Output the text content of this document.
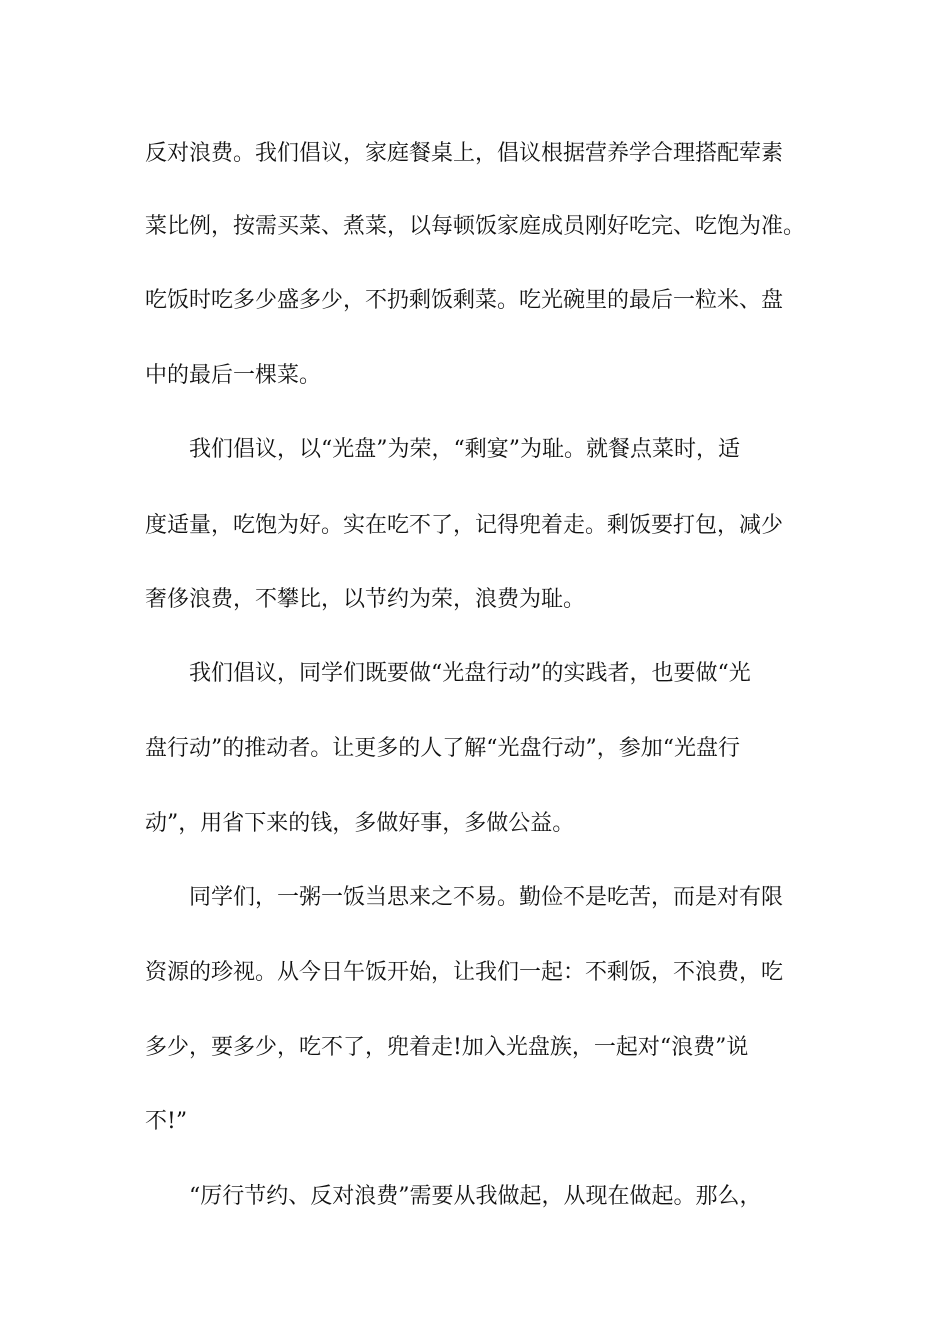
反对浪费。我们倡议，家庭餐桌上，倡议根据营养学合理搭配荤素

菜比例，按需买菜、煮菜，以每顿饭家庭成员刚好吃完、吃饱为准。

吃饭时吃多少盛多少，不扔剩饭剩菜。吃光碗里的最后一粒米、盘

中的最后一棵菜。

我们倡议，以“光盘”为荣，“剩宴”为耻。就餐点菜时，适

度适量，吃饱为好。实在吃不了，记得兜着走。剩饭要打包，减少

奢侈浪费，不攀比，以节约为荣，浪费为耻。

我们倡议，同学们既要做“光盘行动”的实践者，也要做“光

盘行动”的推动者。让更多的人了解“光盘行动”，参加“光盘行

动”，用省下来的钱，多做好事，多做公益。

同学们，一粥一饭当思来之不易。勤俭不是吃苦，而是对有限

资源的珍视。从今日午饭开始，让我们一起：不剩饭，不浪费，吃

多少，要多少，吃不了，兜着走!加入光盘族，一起对“浪费”说

不!”

“厉行节约、反对浪费”需要从我做起，从现在做起。那么，
